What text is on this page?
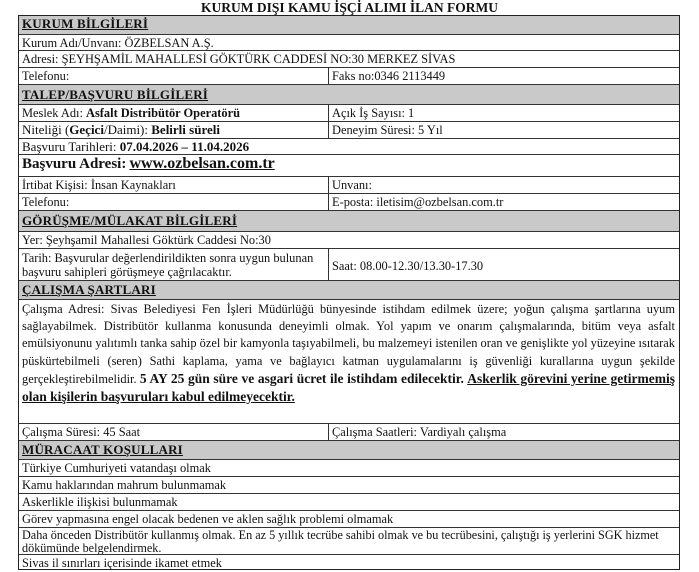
KURUM DIŞI KAMU İŞÇİ ALIMI İLAN FORMU
KURUM BİLGİLERİ
Kurum Adı/Unvanı: ÖZBELSAN A.Ş.
Adresi: ŞEYHŞAMİL MAHALLESİ GÖKTÜRK CADDESİ NO:30 MERKEZ SİVAS
Telefonu:	Faks no:0346 2113449
TALEP/BAŞVURU BİLGİLERİ
Meslek Adı: Asfalt Distribütör Operatörü	Açık İş Sayısı: 1
Niteliği (Geçici/Daimi): Belirli süreli	Deneyim Süresi: 5 Yıl
Başvuru Tarihleri: 07.04.2026 – 11.04.2026
Başvuru Adresi: www.ozbelsan.com.tr
İrtibat Kişisi: İnsan Kaynakları	Unvanı:
Telefonu:	E-posta: iletisim@ozbelsan.com.tr
GÖRÜŞME/MÜLAKAT BİLGİLERİ
Yer: Şeyhşamil Mahallesi Göktürk Caddesi No:30
Tarih: Başvurular değerlendirildikten sonra uygun bulunan başvuru sahipleri görüşmeye çağrılacaktır.	Saat: 08.00-12.30/13.30-17.30
ÇALIŞMA ŞARTLARI
Çalışma Adresi: Sivas Belediyesi Fen İşleri Müdürlüğü bünyesinde istihdam edilmek üzere; yoğun çalışma şartlarına uyum sağlayabilmek. Distribütör kullanma konusunda deneyimli olmak. Yol yapım ve onarım çalışmalarında, bitüm veya asfalt emülsiyonunu yalıtımlı tanka sahip özel bir kamyonla taşıyabilmeli, bu malzemeyi istenilen oran ve genişlikte yol yüzeyine ısıtarak püskürtebilmeli (seren) Sathi kaplama, yama ve bağlayıcı katman uygulamalarını iş güvenliği kurallarına uygun şekilde gerçekleştirebilmelidir. 5 AY 25 gün süre ve asgari ücret ile istihdam edilecektir. Askerlik görevini yerine getirmemiş olan kişilerin başvuruları kabul edilmeyecektir.
Çalışma Süresi: 45 Saat	Çalışma Saatleri: Vardiyalı çalışma
MÜRACAAT KOŞULLARI
Türkiye Cumhuriyeti vatandaşı olmak
Kamu haklarından mahrum bulunmamak
Askerlikle ilişkisi bulunmamak
Görev yapmasına engel olacak bedenen ve aklen sağlık problemi olmamak
Daha önceden Distribütör kullanmış olmak. En az 5 yıllık tecrübe sahibi olmak ve bu tecrübesini, çalıştığı iş yerlerini SGK hizmet dökümünde belgelendirmek.
Sivas il sınırları içerisinde ikamet etmek
